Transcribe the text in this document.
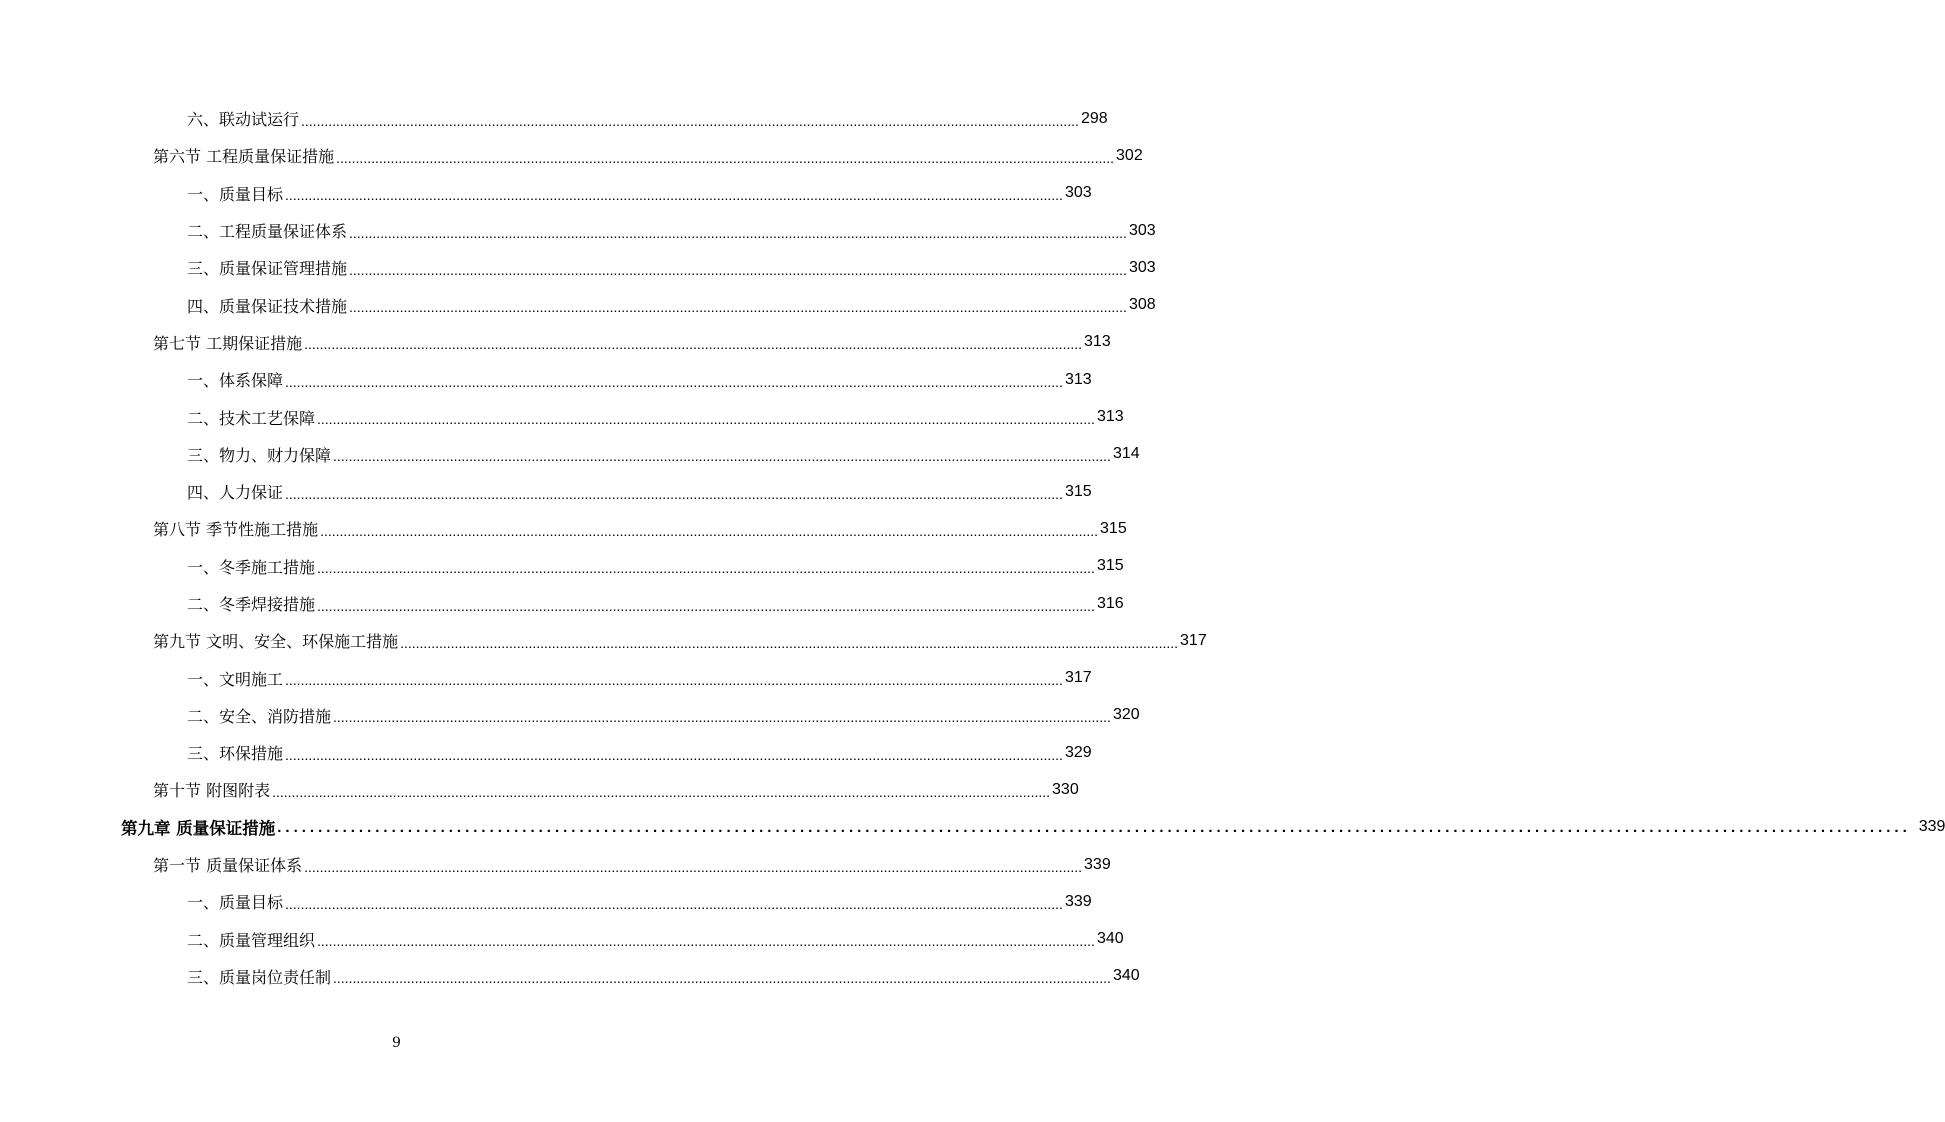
六、联动试运行 ........................................................................................................................................................................................................ 298
第六节 工程质量保证措施 ........................................................................................................................................................................................................ 302
一、质量目标 ........................................................................................................................................................................................................ 303
二、工程质量保证体系 ........................................................................................................................................................................................................ 303
三、质量保证管理措施 ........................................................................................................................................................................................................ 303
四、质量保证技术措施 ........................................................................................................................................................................................................ 308
第七节 工期保证措施 ........................................................................................................................................................................................................ 313
一、体系保障 ........................................................................................................................................................................................................ 313
二、技术工艺保障 ........................................................................................................................................................................................................ 313
三、物力、财力保障 ........................................................................................................................................................................................................ 314
四、人力保证 ........................................................................................................................................................................................................ 315
第八节 季节性施工措施 ........................................................................................................................................................................................................ 315
一、冬季施工措施 ........................................................................................................................................................................................................ 315
二、冬季焊接措施 ........................................................................................................................................................................................................ 316
第九节 文明、安全、环保施工措施 ........................................................................................................................................................................................................ 317
一、文明施工 ........................................................................................................................................................................................................ 317
二、安全、消防措施 ........................................................................................................................................................................................................ 320
三、环保措施 ........................................................................................................................................................................................................ 329
第十节 附图附表 ........................................................................................................................................................................................................ 330
第九章 质量保证措施 ........................................................................................................................................................................................................ 339
第一节 质量保证体系 ........................................................................................................................................................................................................ 339
一、质量目标 ........................................................................................................................................................................................................ 339
二、质量管理组织 ........................................................................................................................................................................................................ 340
三、质量岗位责任制 ........................................................................................................................................................................................................ 340
9
